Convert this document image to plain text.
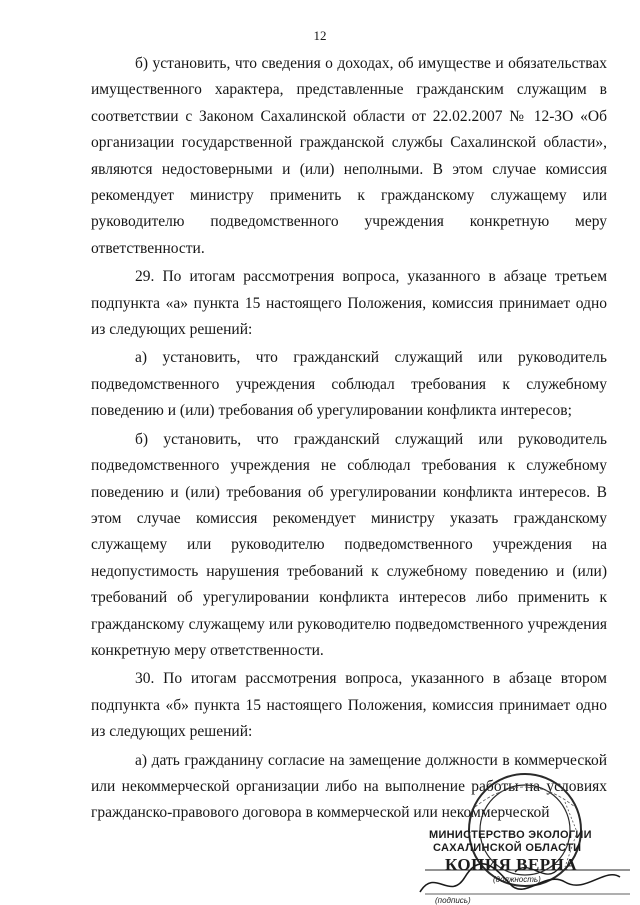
12

б) установить, что сведения о доходах, об имуществе и обязательствах имущественного характера, представленные гражданским служащим в соответствии с Законом Сахалинской области от 22.02.2007 № 12-ЗО «Об организации государственной гражданской службы Сахалинской области», являются недостоверными и (или) неполными. В этом случае комиссия рекомендует министру применить к гражданскому служащему или руководителю подведомственного учреждения конкретную меру ответственности.

29. По итогам рассмотрения вопроса, указанного в абзаце третьем подпункта «а» пункта 15 настоящего Положения, комиссия принимает одно из следующих решений:

а) установить, что гражданский служащий или руководитель подведомственного учреждения соблюдал требования к служебному поведению и (или) требования об урегулировании конфликта интересов;

б) установить, что гражданский служащий или руководитель подведомственного учреждения не соблюдал требования к служебному поведению и (или) требования об урегулировании конфликта интересов. В этом случае комиссия рекомендует министру указать гражданскому служащему или руководителю подведомственного учреждения на недопустимость нарушения требований к служебному поведению и (или) требований об урегулировании конфликта интересов либо применить к гражданскому служащему или руководителю подведомственного учреждения конкретную меру ответственности.

30. По итогам рассмотрения вопроса, указанного в абзаце втором подпункта «б» пункта 15 настоящего Положения, комиссия принимает одно из следующих решений:

а) дать гражданину согласие на замещение должности в коммерческой или некоммерческой организации либо на выполнение работы на условиях гражданско-правового договора в коммерческой или некоммерческой

МИНИСТЕРСТВО ЭКОЛОГИИ
САХАЛИНСКОЙ ОБЛАСТИ
КОПИЯ ВЕРНА
(должность)
(подпись)
